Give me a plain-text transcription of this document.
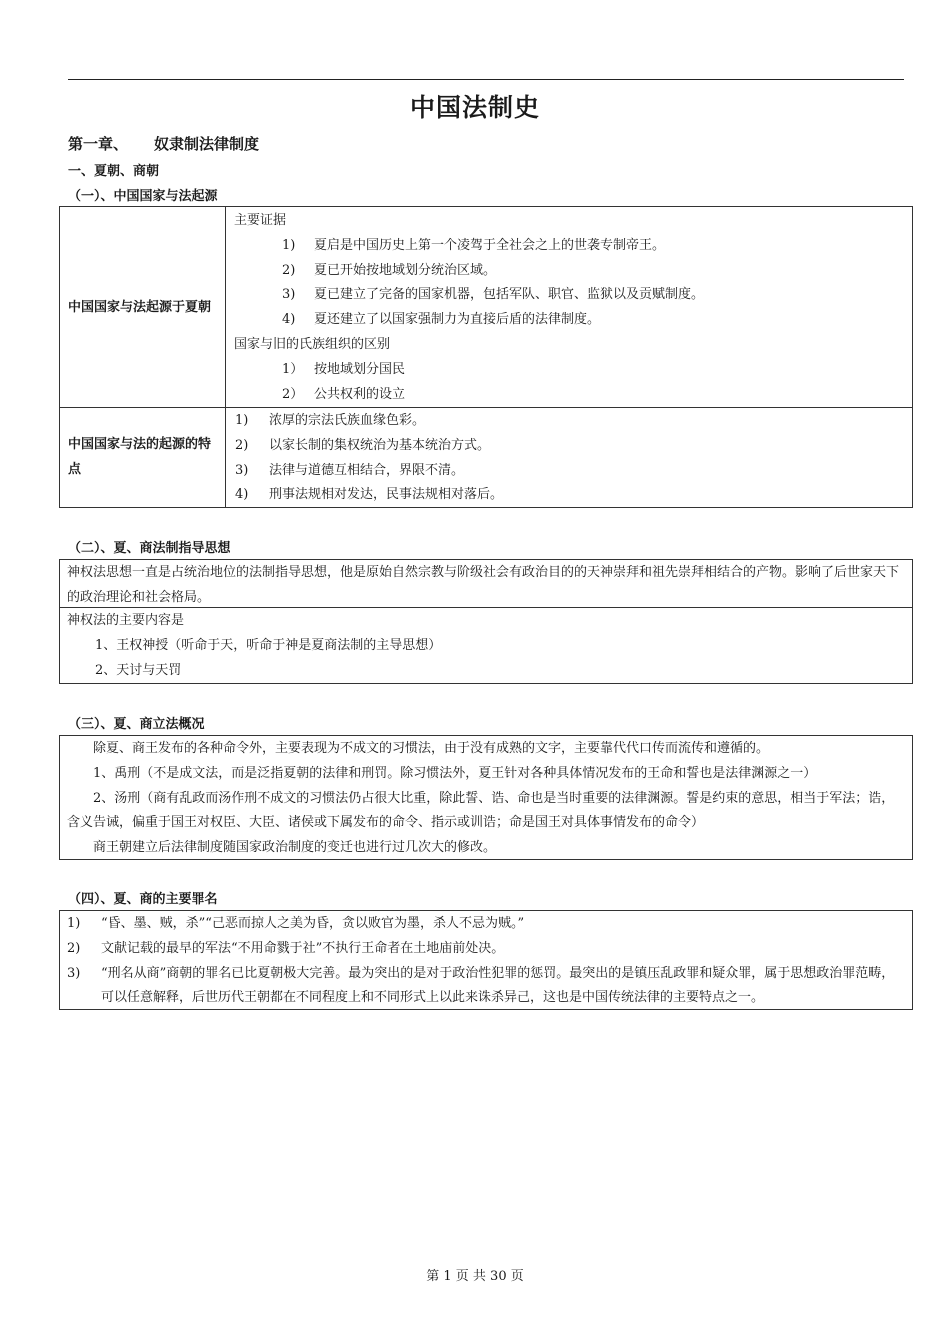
中国法制史
第一章、 奴隶制法律制度
一、夏朝、商朝
（一）、中国国家与法起源
中国国家与法起源于夏朝
主要证据
1) 夏启是中国历史上第一个凌驾于全社会之上的世袭专制帝王。
2) 夏已开始按地域划分统治区域。
3) 夏已建立了完备的国家机器，包括军队、职官、监狱以及贡赋制度。
4) 夏还建立了以国家强制力为直接后盾的法律制度。
国家与旧的氏族组织的区别
1） 按地域划分国民
2） 公共权利的设立
中国国家与法的起源的特点
1) 浓厚的宗法氏族血缘色彩。
2) 以家长制的集权统治为基本统治方式。
3) 法律与道德互相结合，界限不清。
4) 刑事法规相对发达，民事法规相对落后。
（二）、夏、商法制指导思想
神权法思想一直是占统治地位的法制指导思想，他是原始自然宗教与阶级社会有政治目的的天神崇拜和祖先崇拜相结合的产物。影响了后世家天下的政治理论和社会格局。
神权法的主要内容是
1、王权神授（听命于天，听命于神是夏商法制的主导思想）
2、天讨与天罚
（三）、夏、商立法概况
除夏、商王发布的各种命令外，主要表现为不成文的习惯法，由于没有成熟的文字，主要靠代代口传而流传和遵循的。
1、禹刑（不是成文法，而是泛指夏朝的法律和刑罚。除习惯法外，夏王针对各种具体情况发布的王命和誓也是法律渊源之一）
2、汤刑（商有乱政而汤作刑不成文的习惯法仍占很大比重，除此誓、诰、命也是当时重要的法律渊源。誓是约束的意思，相当于军法；诰，含义告诫，偏重于国王对权臣、大臣、诸侯或下属发布的命令、指示或训诰；命是国王对具体事情发布的命令）
商王朝建立后法律制度随国家政治制度的变迁也进行过几次大的修改。
（四）、夏、商的主要罪名
1) “昏、墨、贼，杀”“己恶而掠人之美为昏，贪以败官为墨，杀人不忌为贼。”
2) 文献记载的最早的军法“不用命戮于社”不执行王命者在土地庙前处决。
3) “刑名从商”商朝的罪名已比夏朝极大完善。最为突出的是对于政治性犯罪的惩罚。最突出的是镇压乱政罪和疑众罪，属于思想政治罪范畴，可以任意解释，后世历代王朝都在不同程度上和不同形式上以此来诛杀异己，这也是中国传统法律的主要特点之一。
第 1 页 共 30 页
